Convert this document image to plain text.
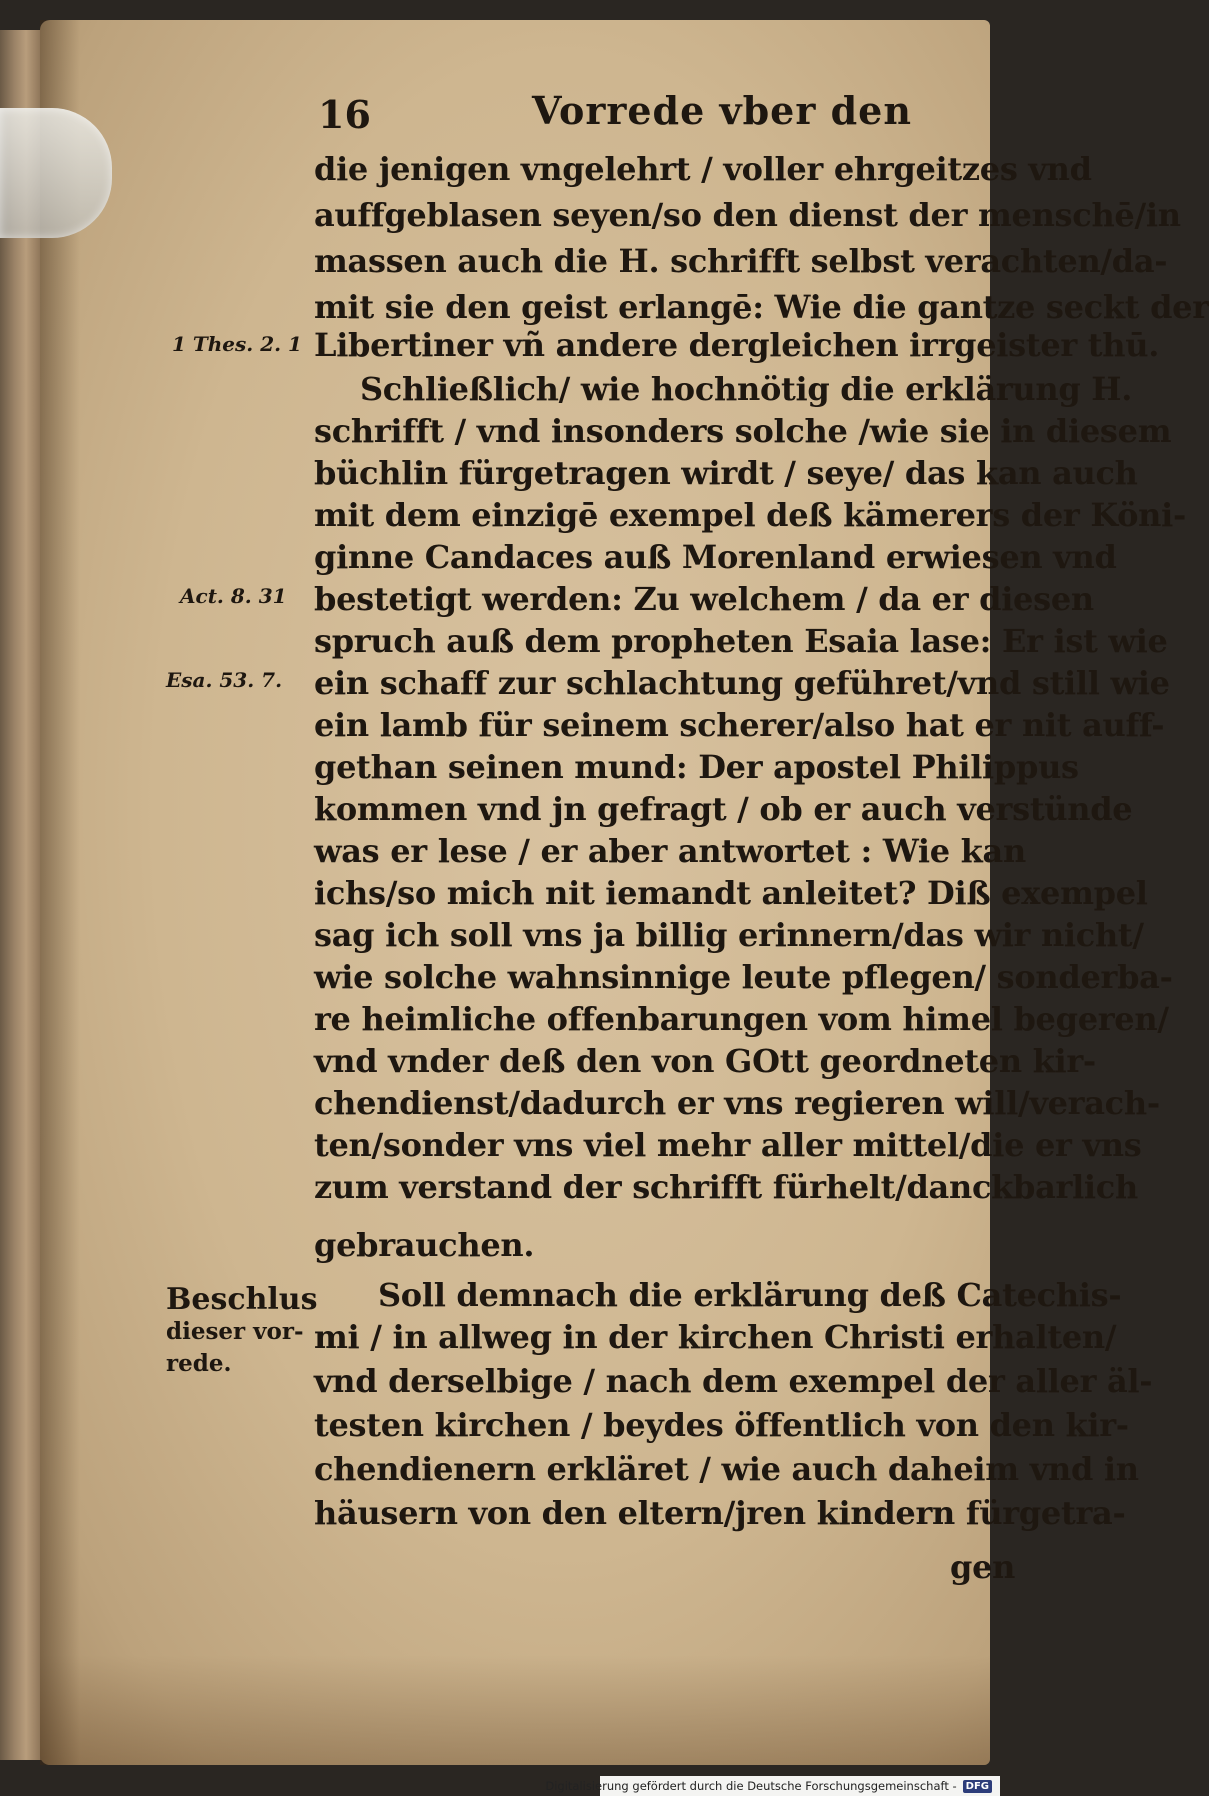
16	Vorrede vber den
1 Thes. 2. 1
Act. 8. 31
Esa. 53. 7.
Beschlus
dieser vor-
rede.
die jenigen vngelehrt / voller ehrgeitzes vnd
auffgeblasen seyen/so den dienst der menschē/in
massen auch die H. schrifft selbst verachten/da-
mit sie den geist erlangē: Wie die gantze seckt der
Libertiner vñ andere dergleichen irrgeister thū.
Schließlich/ wie hochnötig die erklärung H.
schrifft / vnd insonders solche /wie sie in diesem
büchlin fürgetragen wirdt / seye/ das kan auch
mit dem einzigē exempel deß kämerers der Köni-
ginne Candaces auß Morenland erwiesen vnd
bestetigt werden: Zu welchem / da er diesen
spruch auß dem propheten Esaia lase: Er ist wie
ein schaff zur schlachtung geführet/vnd still wie
ein lamb für seinem scherer/also hat er nit auff-
gethan seinen mund: Der apostel Philippus
kommen vnd jn gefragt / ob er auch verstünde
was er lese / er aber antwortet : Wie kan
ichs/so mich nit iemandt anleitet? Diß exempel
sag ich soll vns ja billig erinnern/das wir nicht/
wie solche wahnsinnige leute pflegen/ sonderba-
re heimliche offenbarungen vom himel begeren/
vnd vnder deß den von GOtt geordneten kir-
chendienst/dadurch er vns regieren will/verach-
ten/sonder vns viel mehr aller mittel/die er vns
zum verstand der schrifft fürhelt/danckbarlich
gebrauchen.
Soll demnach die erklärung deß Catechis-
mi / in allweg in der kirchen Christi erhalten/
vnd derselbige / nach dem exempel der aller äl-
testen kirchen / beydes öffentlich von den kir-
chendienern erkläret / wie auch daheim vnd in
häusern von den eltern/jren kindern fürgetra-
gen
Digitalisierung gefördert durch die Deutsche Forschungsgemeinschaft - DFG
